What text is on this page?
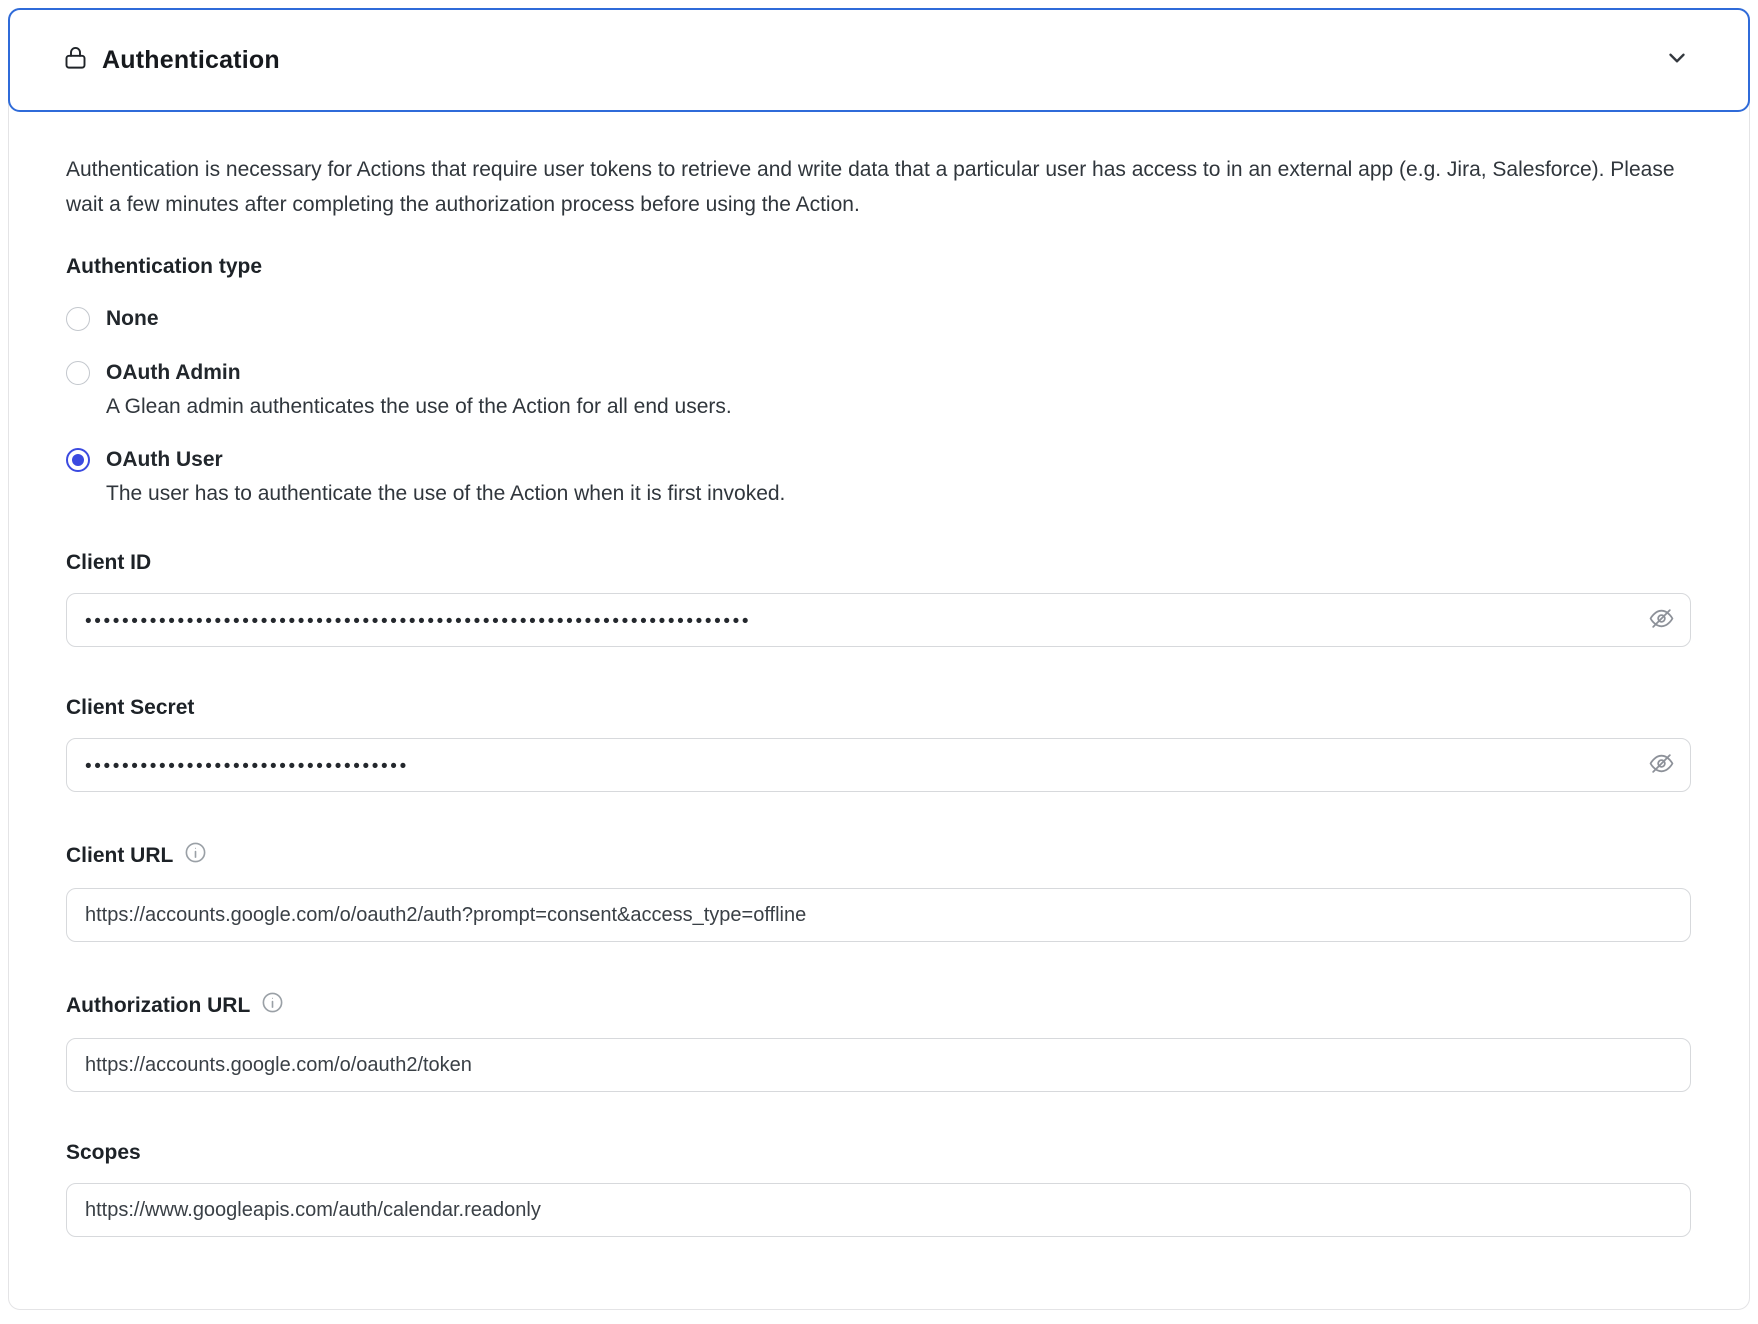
Authentication

Authentication is necessary for Actions that require user tokens to retrieve and write data that a particular user has access to in an external app (e.g. Jira, Salesforce). Please wait a few minutes after completing the authorization process before using the Action.

Authentication type
None
OAuth Admin
A Glean admin authenticates the use of the Action for all end users.
OAuth User
The user has to authenticate the use of the Action when it is first invoked.
Client ID
••••••••••••••••••••••••••••••••••••••••••••••••••••••••••••••••••••••••
Client Secret
•••••••••••••••••••••••••••••••••••
Client URL
https://accounts.google.com/o/oauth2/auth?prompt=consent&access_type=offline
Authorization URL
https://accounts.google.com/o/oauth2/token
Scopes
https://www.googleapis.com/auth/calendar.readonly
